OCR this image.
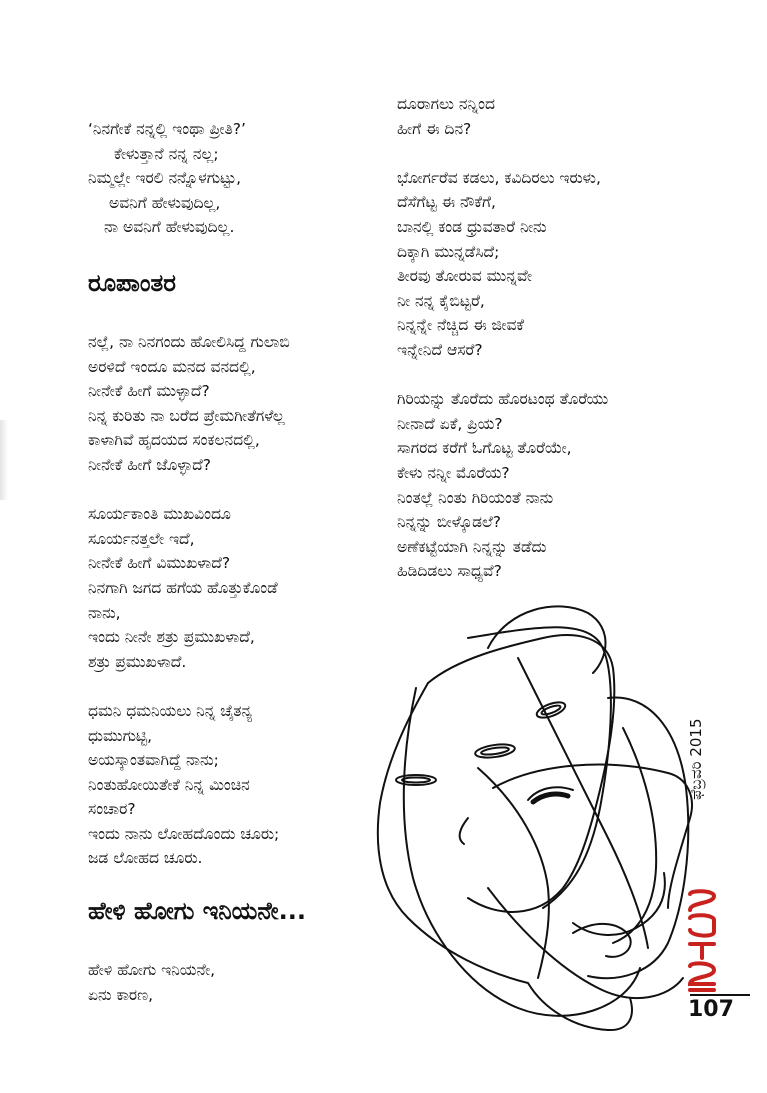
‘ನಿನಗೇಕೆ ನನ್ನಲ್ಲಿ ಇಂಥಾ ಪ್ರೀತಿ?’
ಕೇಳುತ್ತಾನೆ ನನ್ನ ನಲ್ಲ;
ನಿಮ್ಮಲ್ಲೇ ಇರಲಿ ನನ್ನೊಳಗುಟ್ಟು,
ಅವನಿಗೆ ಹೇಳುವುದಿಲ್ಲ,
ನಾ ಅವನಿಗೆ ಹೇಳುವುದಿಲ್ಲ.
ರೂಪಾಂತರ
ನಲ್ಲೆ, ನಾ ನಿನಗಂದು ಹೋಲಿಸಿದ್ದ ಗುಲಾಬಿ
ಅರಳಿದೆ ಇಂದೂ ಮನದ ವನದಲ್ಲಿ,
ನೀನೇಕೆ ಹೀಗೆ ಮುಳ್ಳಾದೆ?
ನಿನ್ನ ಕುರಿತು ನಾ ಬರೆದ ಪ್ರೇಮಗೀತೆಗಳೆಲ್ಲ
ಕಾಳಾಗಿವೆ ಹೃದಯದ ಸಂಕಲನದಲ್ಲಿ,
ನೀನೇಕೆ ಹೀಗೆ ಜೊಳ್ಳಾದೆ?
ಸೂರ್ಯಕಾಂತಿ ಮುಖವಿಂದೂ
ಸೂರ್ಯನತ್ತಲೇ ಇದೆ,
ನೀನೇಕೆ ಹೀಗೆ ವಿಮುಖಳಾದೆ?
ನಿನಗಾಗಿ ಜಗದ ಹಗೆಯ ಹೊತ್ತುಕೊಂಡೆ
ನಾನು,
ಇಂದು ನೀನೇ ಶತ್ರು ಪ್ರಮುಖಳಾದೆ,
ಶತ್ರು ಪ್ರಮುಖಳಾದೆ.
ಧಮನಿ ಧಮನಿಯಲು ನಿನ್ನ ಚೈತನ್ಯ
ಧುಮುಗುಟ್ಟಿ,
ಅಯಸ್ಕಾಂತವಾಗಿದ್ದೆ ನಾನು;
ನಿಂತುಹೋಯಿತೇಕೆ ನಿನ್ನ ಮಿಂಚಿನ
ಸಂಚಾರ?
ಇಂದು ನಾನು ಲೋಹದೊಂದು ಚೂರು;
ಜಡ ಲೋಹದ ಚೂರು.
ಹೇಳಿ ಹೋಗು ಇನಿಯನೇ...
ಹೇಳಿ ಹೋಗು ಇನಿಯನೇ,
ಏನು ಕಾರಣ,
ದೂರಾಗಲು ನನ್ನಿಂದ
ಹೀಗೆ ಈ ದಿನ?
ಭೋರ್ಗರೆವ ಕಡಲು, ಕವಿದಿರಲು ಇರುಳು,
ದೆಸೆಗೆಟ್ಟ ಈ ನೌಕೆಗೆ,
ಬಾನಲ್ಲಿ ಕಂಡ ಧ್ರುವತಾರೆ ನೀನು
ದಿಕ್ಕಾಗಿ ಮುನ್ನಡೆಸಿದೆ;
ತೀರವು ತೋರುವ ಮುನ್ನವೇ
ನೀ ನನ್ನ ಕೈಬಿಟ್ಟರೆ,
ನಿನ್ನನ್ನೇ ನೆಚ್ಚಿದ ಈ ಜೀವಕೆ
ಇನ್ನೇನಿದೆ ಆಸರೆ?
ಗಿರಿಯನ್ನು ತೊರೆದು ಹೊರಟಂಥ ತೊರೆಯು
ನೀನಾದೆ ಏಕೆ, ಪ್ರಿಯ?
ಸಾಗರದ ಕರೆಗೆ ಓಗೊಟ್ಟ ತೊರೆಯೇ,
ಕೇಳು ನನ್ನೀ ಮೊರೆಯ?
ನಿಂತಲ್ಲೆ ನಿಂತು ಗಿರಿಯಂತೆ ನಾನು
ನಿನ್ನನ್ನು ಬೀಳ್ಕೊಡಲೆ?
ಅಣೆಕಟ್ಟೆಯಾಗಿ ನಿನ್ನನ್ನು ತಡೆದು
ಹಿಡಿದಿಡಲು ಸಾಧ್ಯವೆ?
ಫೆಬ್ರವರಿ 2015
107
